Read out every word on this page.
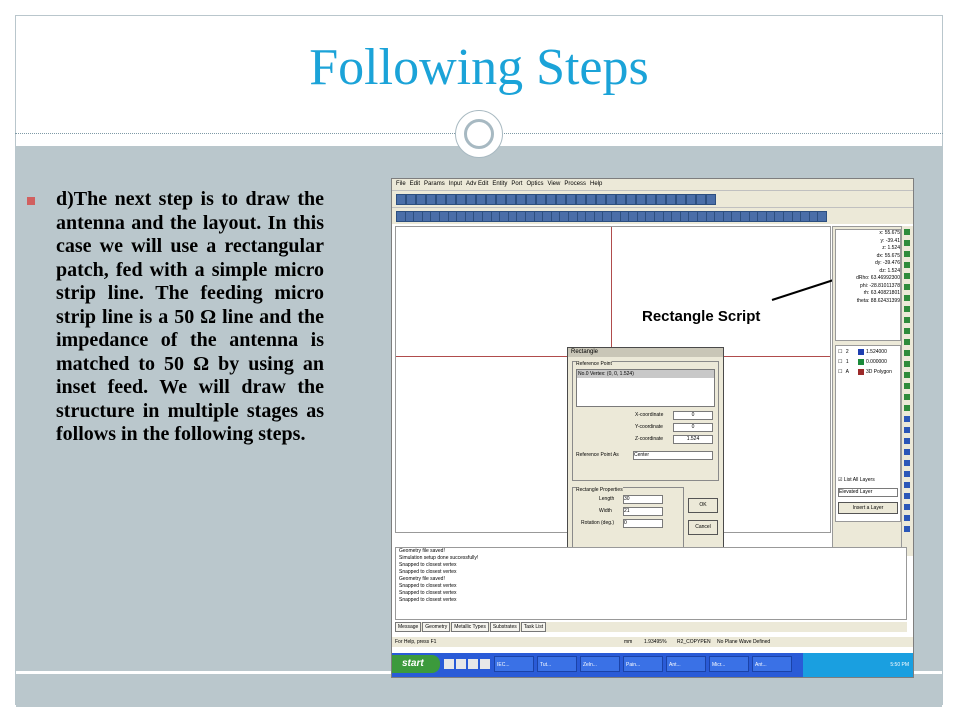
Following Steps

d)The next step is to draw the antenna and the layout. In this case we will use a rectangular patch, fed with a simple micro strip line. The feeding micro strip line is a 50 Ω line and the impedance of the antenna is matched to 50 Ω by using an inset feed. We will draw the structure in multiple stages as follows in the following steps.

File Edit Params Input Adv Edit Entity Port Optics View Process Help
Rectangle Script
Rectangle
Reference Point
No.0 Vertex: (0, 0, 1.524)
X-coordinate	0
Y-coordinate	0
Z-coordinate	1.524
Reference Point As	Center
Rectangle Properties
Length 30
Width 21
Rotation (deg.) 0
OK
Cancel
x: 55.675
y: -39.41
z: 1.524
dx: 55.675
dy: -39.476
dz: 1.524
dRho: 63.46992300
phi: -28.81011378
rh: 63.40821801
theta: 88.62431399
☑ List All Layers
Elevated Layer
Insert a Layer
☐ 2	1.524000
☐ 1	0.000000
☐ A	3D Polygon
Geometry file saved!
Simulation setup done successfully!
Snapped to closest vertex
Snapped to closest vertex
Geometry file saved!
Snapped to closest vertex
Snapped to closest vertex
Snapped to closest vertex
Message Geometry Metallic Types Substrates Task List
For Help, press F1	mm 1.93495% R2_COPYPEN No Plane Wave Defined
start	5:50 PM
IEC...	Tut...	Zeln...	Pain...	Ant...	Micr...	Ant...
